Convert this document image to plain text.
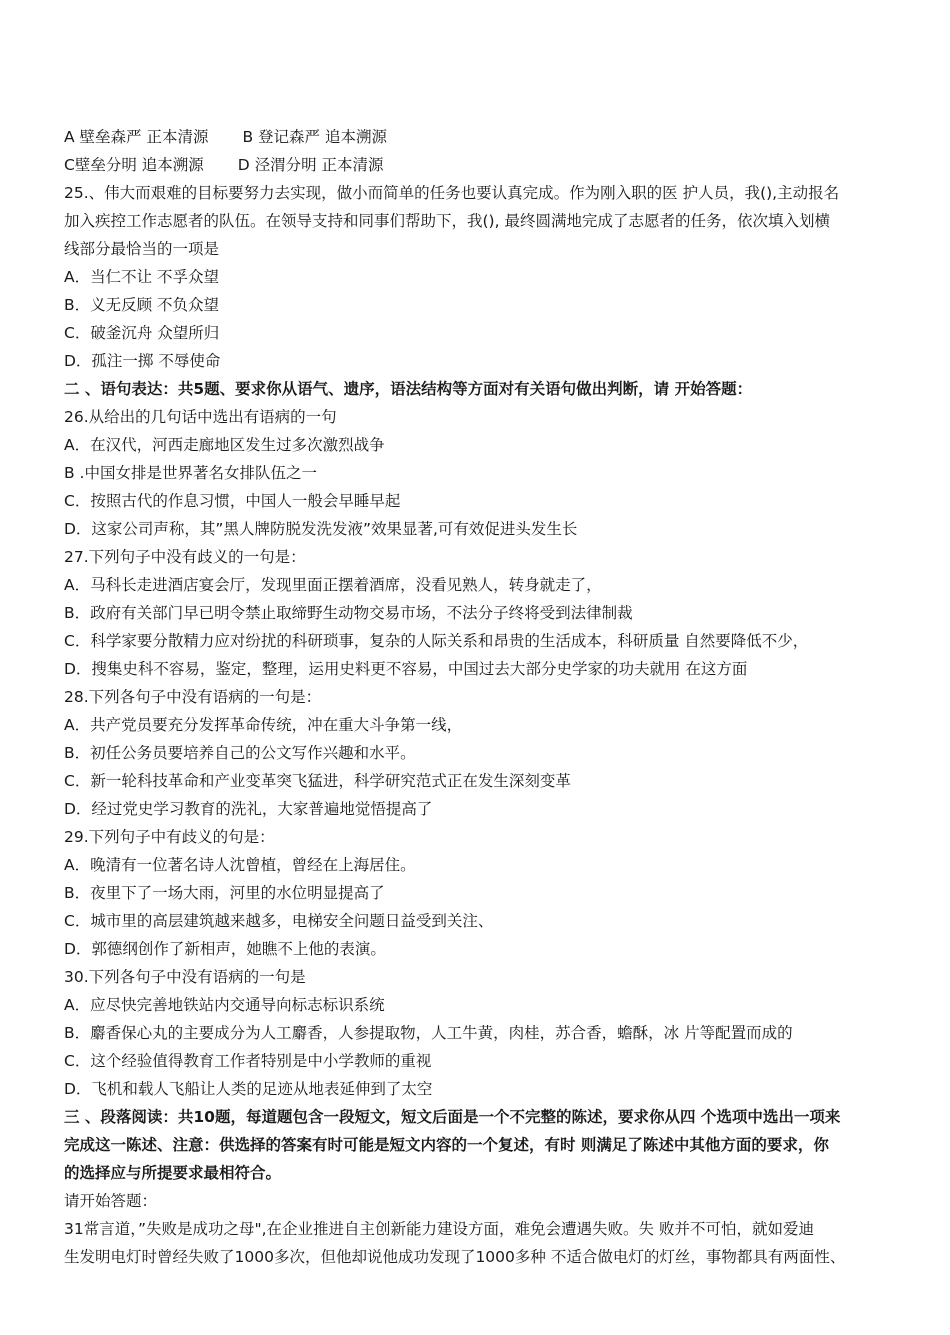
A 壁垒森严 正本清源 B 登记森严 追本溯源
C壁垒分明 追本溯源 D 泾渭分明 正本清源
25.、伟大而艰难的目标要努力去实现，做小而简单的任务也要认真完成。作为刚入职的医 护人员，我(),主动报名
加入疾控工作志愿者的队伍。在领导支持和同事们帮助下，我(), 最终圆满地完成了志愿者的任务，依次填入划横
线部分最恰当的一项是
A．当仁不让 不孚众望
B．义无反顾 不负众望
C．破釜沉舟 众望所归
D．孤注一掷 不辱使命
二 、语句表达：共5题、要求你从语气、遗序，语法结构等方面对有关语句做出判断，请 开始答题：
26.从给出的几句话中选出有语病的一句
A．在汉代，河西走廊地区发生过多次激烈战争
B .中国女排是世界著名女排队伍之一
C．按照古代的作息习惯，中国人一般会早睡早起
D．这家公司声称，其”黑人牌防脱发洗发液”效果显著,可有效促进头发生长
27.下列句子中没有歧义的一句是：
A．马科长走进酒店宴会厅，发现里面正摆着酒席，没看见熟人，转身就走了，
B．政府有关部门早已明令禁止取缔野生动物交易市场，不法分子终将受到法律制裁
C．科学家要分散精力应对纷扰的科研琐事，复杂的人际关系和昂贵的生活成本，科研质量 自然要降低不少，
D．搜集史科不容易，鉴定，整理，运用史料更不容易，中国过去大部分史学家的功夫就用 在这方面
28.下列各句子中没有语病的一句是：
A．共产党员要充分发挥革命传统，冲在重大斗争第一线，
B．初任公务员要培养自己的公文写作兴趣和水平。
C．新一轮科技革命和产业变革突飞猛进，科学研究范式正在发生深刻变革
D．经过党史学习教育的洗礼，大家普遍地觉悟提高了
29.下列句子中有歧义的句是：
A．晚清有一位著名诗人沈曾植，曾经在上海居住。
B．夜里下了一场大雨，河里的水位明显提高了
C．城市里的高层建筑越来越多，电梯安全问题日益受到关注、
D．郭德纲创作了新相声，她瞧不上他的表演。
30.下列各句子中没有语病的一句是
A．应尽快完善地铁站内交通导向标志标识系统
B．麝香保心丸的主要成分为人工麝香，人参提取物，人工牛黄，肉桂，苏合香，蟾酥，冰 片等配置而成的
C．这个经验值得教育工作者特别是中小学教师的重视
D．飞机和载人飞船让人类的足迹从地表延伸到了太空
三 、段落阅读：共10题，每道题包含一段短文，短文后面是一个不完整的陈述，要求你从四 个选项中选出一项来
完成这一陈述、注意：供选择的答案有时可能是短文内容的一个复述，有时 则满足了陈述中其他方面的要求，你
的选择应与所提要求最相符合。
请开始答题：
31常言道，”失败是成功之母",在企业推进自主创新能力建设方面，难免会遭遇失败。失 败并不可怕，就如爱迪
生发明电灯时曾经失败了1000多次，但他却说他成功发现了1000多种 不适合做电灯的灯丝，事物都具有两面性、
